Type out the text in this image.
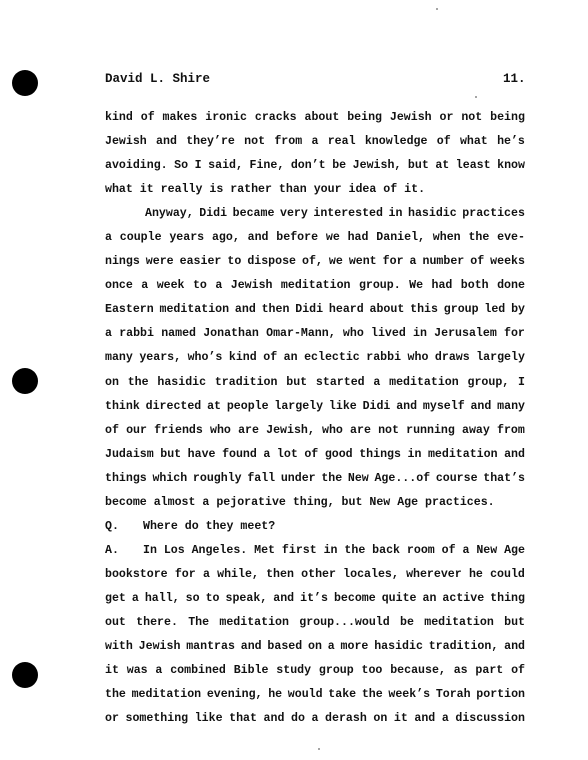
David L. Shire	11.
kind of makes ironic cracks about being Jewish or not being
Jewish and they’re not from a real knowledge of what he’s
avoiding. So I said, Fine, don’t be Jewish, but at least know
what it really is rather than your idea of it.
Anyway, Didi became very interested in hasidic practices
a couple years ago, and before we had Daniel, when the eve-
nings were easier to dispose of, we went for a number of weeks
once a week to a Jewish meditation group. We had both done
Eastern meditation and then Didi heard about this group led by
a rabbi named Jonathan Omar-Mann, who lived in Jerusalem for
many years, who’s kind of an eclectic rabbi who draws largely
on the hasidic tradition but started a meditation group, I
think directed at people largely like Didi and myself and many
of our friends who are Jewish, who are not running away from
Judaism but have found a lot of good things in meditation and
things which roughly fall under the New Age...of course that’s
become almost a pejorative thing, but New Age practices.
Q.	Where do they meet?
A.	In Los Angeles. Met first in the back room of a New Age
bookstore for a while, then other locales, wherever he could
get a hall, so to speak, and it’s become quite an active thing
out there. The meditation group...would be meditation but
with Jewish mantras and based on a more hasidic tradition, and
it was a combined Bible study group too because, as part of
the meditation evening, he would take the week’s Torah portion
or something like that and do a derash on it and a discussion
